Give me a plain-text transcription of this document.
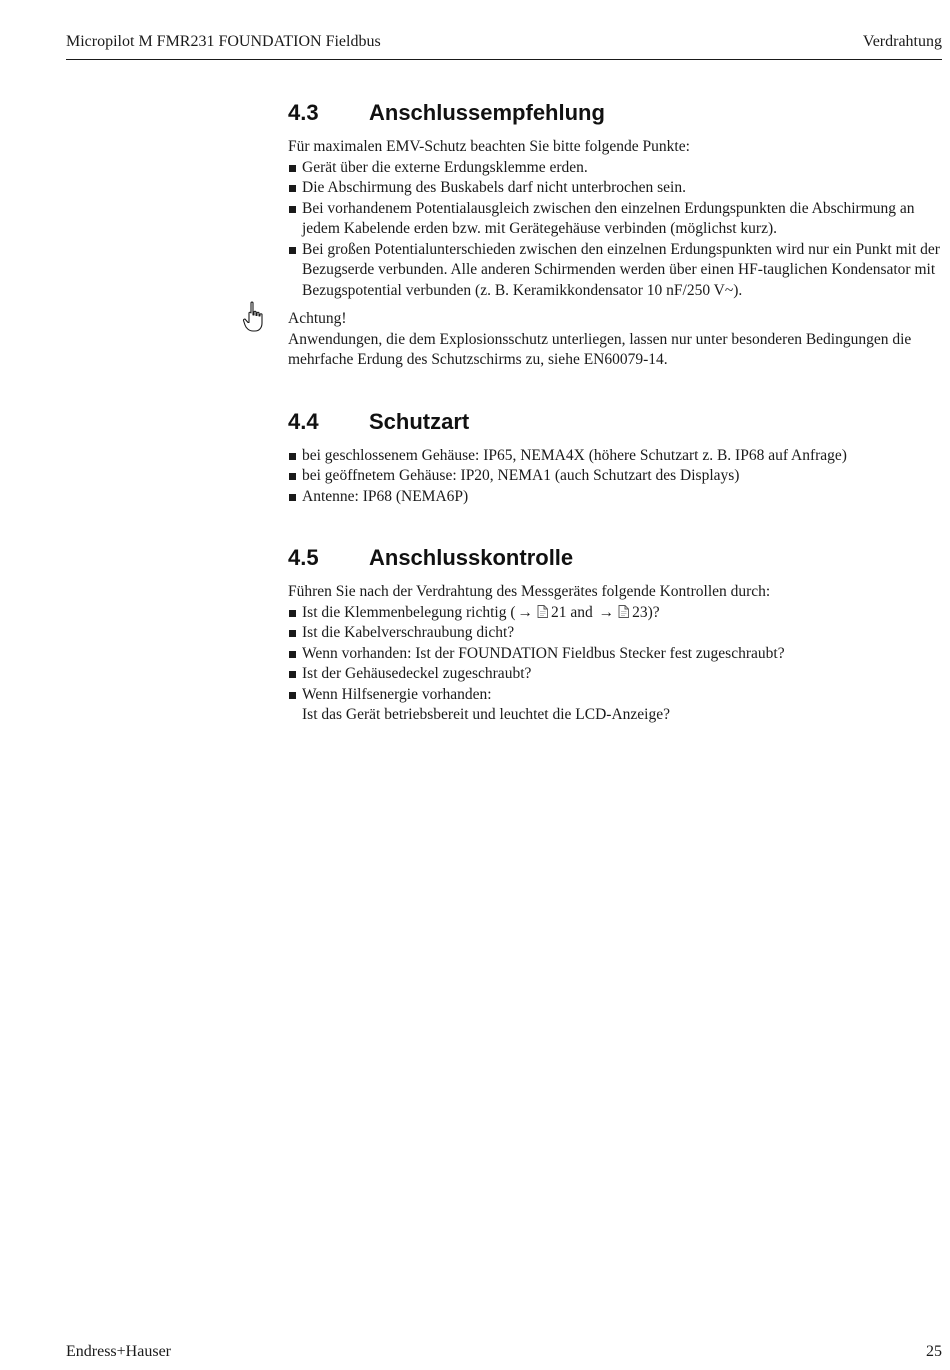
Micropilot M FMR231 FOUNDATION Fieldbus	Verdrahtung
4.3 Anschlussempfehlung

Für maximalen EMV-Schutz beachten Sie bitte folgende Punkte:

Gerät über die externe Erdungsklemme erden.
Die Abschirmung des Buskabels darf nicht unterbrochen sein.
Bei vorhandenem Potentialausgleich zwischen den einzelnen Erdungspunkten die Abschirmung an jedem Kabelende erden bzw. mit Gerätegehäuse verbinden (möglichst kurz).
Bei großen Potentialunterschieden zwischen den einzelnen Erdungspunkten wird nur ein Punkt mit der Bezugserde verbunden. Alle anderen Schirmenden werden über einen HF-tauglichen Kondensator mit Bezugspotential verbunden (z. B. Keramikkondensator 10 nF/250 V~).
Achtung!
Anwendungen, die dem Explosionsschutz unterliegen, lassen nur unter besonderen Bedingungen die mehrfache Erdung des Schutzschirms zu, siehe EN60079-14.
4.4 Schutzart
bei geschlossenem Gehäuse: IP65, NEMA4X (höhere Schutzart z. B. IP68 auf Anfrage)
bei geöffnetem Gehäuse: IP20, NEMA1 (auch Schutzart des Displays)
Antenne: IP68 (NEMA6P)
4.5 Anschlusskontrolle

Führen Sie nach der Verdrahtung des Messgerätes folgende Kontrollen durch:

Ist die Klemmenbelegung richtig ( → 21 and → 23)?
Ist die Kabelverschraubung dicht?
Wenn vorhanden: Ist der FOUNDATION Fieldbus Stecker fest zugeschraubt?
Ist der Gehäusedeckel zugeschraubt?
Wenn Hilfsenergie vorhanden:
Ist das Gerät betriebsbereit und leuchtet die LCD-Anzeige?
Endress+Hauser	25
